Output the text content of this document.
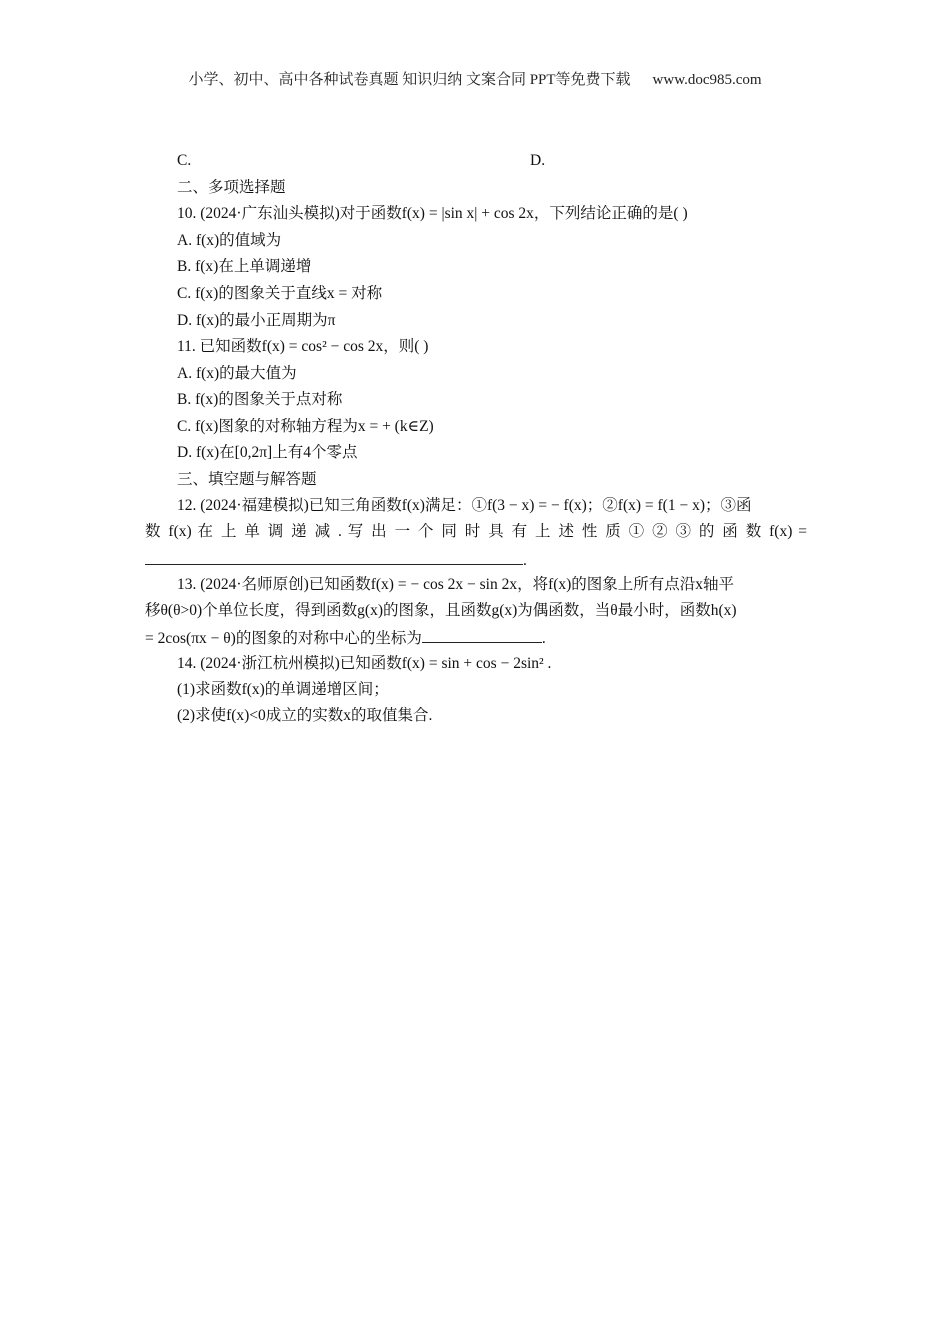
小学、初中、高中各种试卷真题 知识归纳 文案合同 PPT等免费下载 www.doc985.com
C.	D.
二、多项选择题
10. (2024·广东汕头模拟)对于函数f(x) = |sin x| + cos 2x，下列结论正确的是( )
A. f(x)的值域为
B. f(x)在上单调递增
C. f(x)的图象关于直线x = 对称
D. f(x)的最小正周期为π
11. 已知函数f(x) = cos² − cos 2x，则( )
A. f(x)的最大值为
B. f(x)的图象关于点对称
C. f(x)图象的对称轴方程为x = + (k∈Z)
D. f(x)在[0,2π]上有4个零点
三、填空题与解答题
12. (2024·福建模拟)已知三角函数f(x)满足：①f(3 − x) = − f(x)；②f(x) = f(1 − x)；③函
数 f(x) 在 上 单 调 递 减 . 写 出 一 个 同 时 具 有 上 述 性 质 ① ② ③ 的 函 数 f(x) =
.
13. (2024·名师原创)已知函数f(x) = − cos 2x − sin 2x，将f(x)的图象上所有点沿x轴平
移θ(θ>0)个单位长度，得到函数g(x)的图象，且函数g(x)为偶函数，当θ最小时，函数h(x)
= 2cos(πx − θ)的图象的对称中心的坐标为	.
14. (2024·浙江杭州模拟)已知函数f(x) = sin + cos − 2sin² .
(1)求函数f(x)的单调递增区间；
(2)求使f(x)<0成立的实数x的取值集合.
